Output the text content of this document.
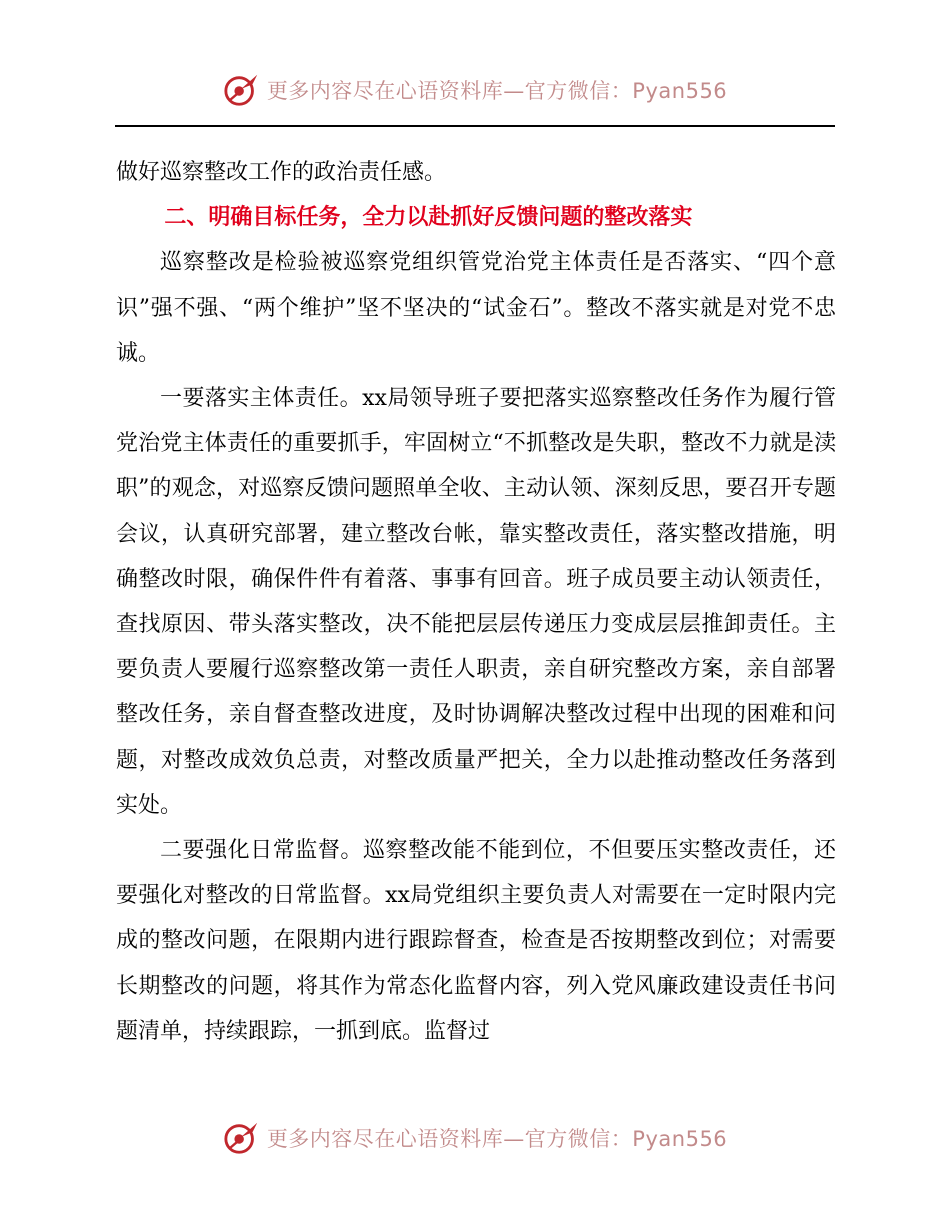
更多内容尽在心语资料库—官方微信：Pyan556

做好巡察整改工作的政治责任感。

二、明确目标任务，全力以赴抓好反馈问题的整改落实

巡察整改是检验被巡察党组织管党治党主体责任是否落实、“四个意识”强不强、“两个维护”坚不坚决的“试金石”。整改不落实就是对党不忠诚。

一要落实主体责任。xx局领导班子要把落实巡察整改任务作为履行管党治党主体责任的重要抓手，牢固树立“不抓整改是失职，整改不力就是渎职”的观念，对巡察反馈问题照单全收、主动认领、深刻反思，要召开专题会议，认真研究部署，建立整改台帐，靠实整改责任，落实整改措施，明确整改时限，确保件件有着落、事事有回音。班子成员要主动认领责任，查找原因、带头落实整改，决不能把层层传递压力变成层层推卸责任。主要负责人要履行巡察整改第一责任人职责，亲自研究整改方案，亲自部署整改任务，亲自督查整改进度，及时协调解决整改过程中出现的困难和问题，对整改成效负总责，对整改质量严把关，全力以赴推动整改任务落到实处。

二要强化日常监督。巡察整改能不能到位，不但要压实整改责任，还要强化对整改的日常监督。xx局党组织主要负责人对需要在一定时限内完成的整改问题，在限期内进行跟踪督查，检查是否按期整改到位；对需要长期整改的问题，将其作为常态化监督内容，列入党风廉政建设责任书问题清单，持续跟踪，一抓到底。监督过

更多内容尽在心语资料库—官方微信：Pyan556
